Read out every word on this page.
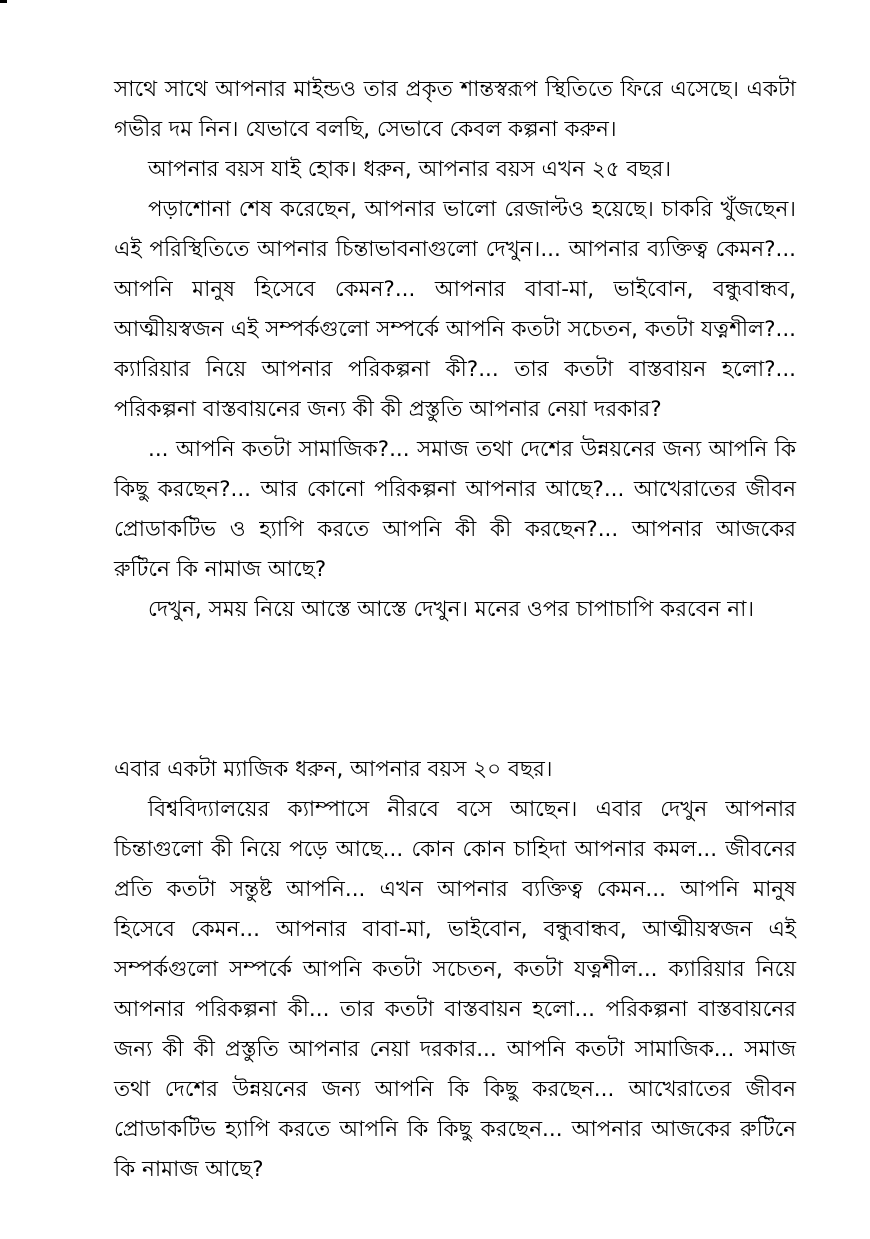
সাথে সাথে আপনার মাইন্ডও তার প্রকৃত শান্তস্বরূপ স্থিতিতে ফিরে এসেছে। একটা গভীর দম নিন। যেভাবে বলছি, সেভাবে কেবল কল্পনা করুন।

আপনার বয়স যাই হোক। ধরুন, আপনার বয়স এখন ২৫ বছর।

পড়াশোনা শেষ করেছেন, আপনার ভালো রেজাল্টও হয়েছে। চাকরি খুঁজছেন। এই পরিস্থিতিতে আপনার চিন্তাভাবনাগুলো দেখুন।... আপনার ব্যক্তিত্ব কেমন?... আপনি মানুষ হিসেবে কেমন?... আপনার বাবা-মা, ভাইবোন, বন্ধুবান্ধব, আত্মীয়স্বজন এই সম্পর্কগুলো সম্পর্কে আপনি কতটা সচেতন, কতটা যত্নশীল?... ক্যারিয়ার নিয়ে আপনার পরিকল্পনা কী?... তার কতটা বাস্তবায়ন হলো?... পরিকল্পনা বাস্তবায়নের জন্য কী কী প্রস্তুতি আপনার নেয়া দরকার?

... আপনি কতটা সামাজিক?... সমাজ তথা দেশের উন্নয়নের জন্য আপনি কি কিছু করছেন?... আর কোনো পরিকল্পনা আপনার আছে?... আখেরাতের জীবন প্রোডাকটিভ ও হ্যাপি করতে আপনি কী কী করছেন?... আপনার আজকের রুটিনে কি নামাজ আছে?

দেখুন, সময় নিয়ে আস্তে আস্তে দেখুন। মনের ওপর চাপাচাপি করবেন না।

এবার একটা ম্যাজিক ধরুন, আপনার বয়স ২০ বছর।

বিশ্ববিদ্যালয়ের ক্যাম্পাসে নীরবে বসে আছেন। এবার দেখুন আপনার চিন্তাগুলো কী নিয়ে পড়ে আছে... কোন কোন চাহিদা আপনার কমল... জীবনের প্রতি কতটা সন্তুষ্ট আপনি... এখন আপনার ব্যক্তিত্ব কেমন... আপনি মানুষ হিসেবে কেমন... আপনার বাবা-মা, ভাইবোন, বন্ধুবান্ধব, আত্মীয়স্বজন এই সম্পর্কগুলো সম্পর্কে আপনি কতটা সচেতন, কতটা যত্নশীল... ক্যারিয়ার নিয়ে আপনার পরিকল্পনা কী... তার কতটা বাস্তবায়ন হলো... পরিকল্পনা বাস্তবায়নের জন্য কী কী প্রস্তুতি আপনার নেয়া দরকার... আপনি কতটা সামাজিক... সমাজ তথা দেশের উন্নয়নের জন্য আপনি কি কিছু করছেন... আখেরাতের জীবন প্রোডাকটিভ হ্যাপি করতে আপনি কি কিছু করছেন... আপনার আজকের রুটিনে কি নামাজ আছে?
